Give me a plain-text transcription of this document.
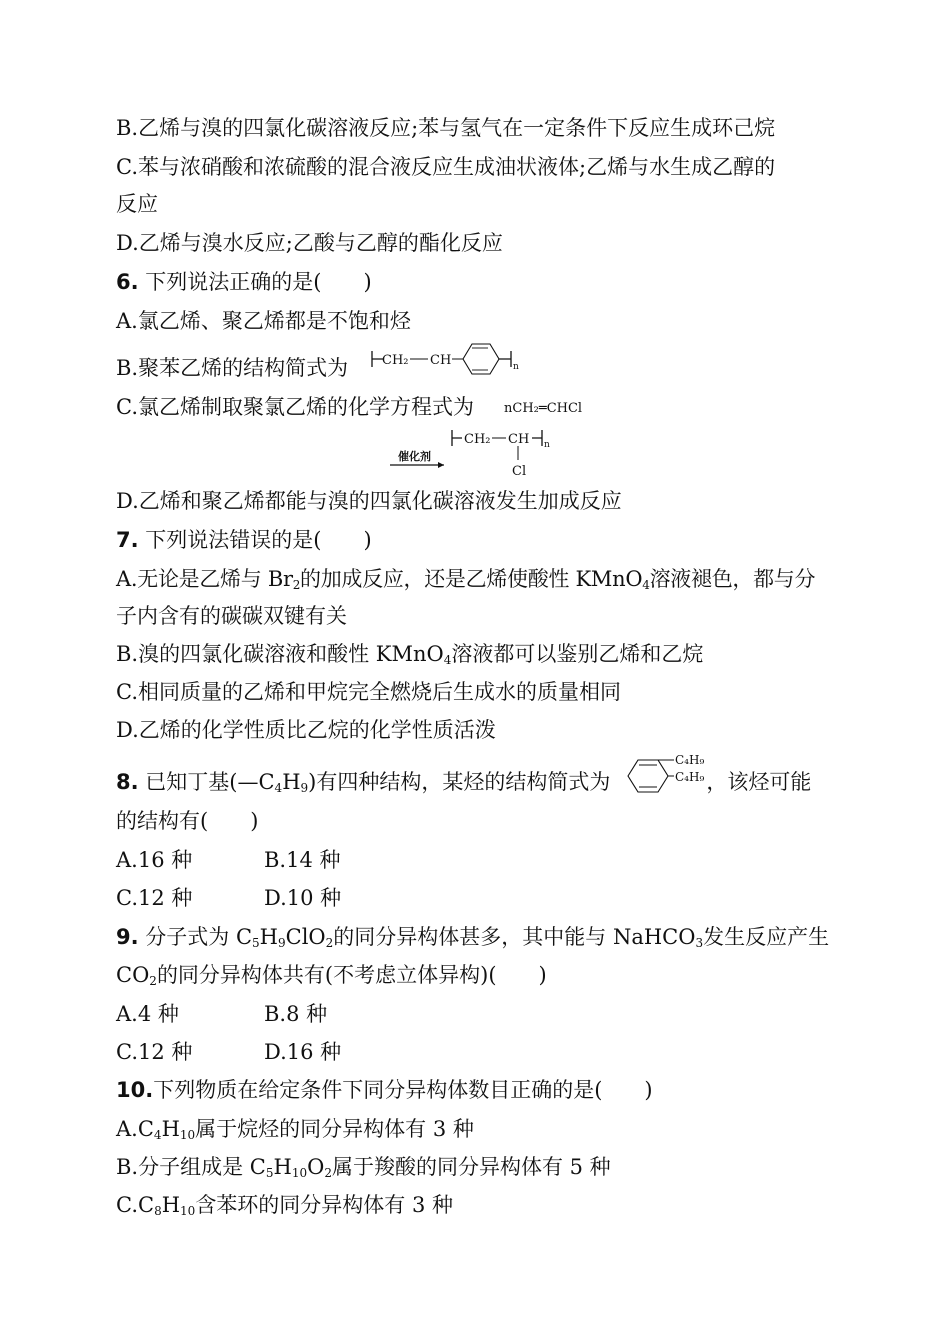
B.乙烯与溴的四氯化碳溶液反应;苯与氢气在一定条件下反应生成环己烷
C.苯与浓硝酸和浓硫酸的混合液反应生成油状液体;乙烯与水生成乙醇的
反应
D.乙烯与溴水反应;乙酸与乙醇的酯化反应
6. 下列说法正确的是(　　)
A.氯乙烯、聚乙烯都是不饱和烃
B.聚苯乙烯的结构简式为	CH₂ CH	n
C.氯乙烯制取聚氯乙烯的化学方程式为	nCH₂═CHCl
催化剂
CH₂ CH n
Cl
D.乙烯和聚乙烯都能与溴的四氯化碳溶液发生加成反应
7. 下列说法错误的是(　　)
A.无论是乙烯与 $Br_2$的加成反应，还是乙烯使酸性 KMnO$_4$溶液褪色，都与分
子内含有的碳碳双键有关
B.溴的四氯化碳溶液和酸性 KMnO$_4$溶液都可以鉴别乙烯和乙烷
C.相同质量的乙烯和甲烷完全燃烧后生成水的质量相同
D.乙烯的化学性质比乙烷的化学性质活泼
8. 已知丁基$(—C_4H_9)$有四种结构，某烃的结构简式为	，该烃可能
C₄H₉
C₄H₉
的结构有(　　)
A.16 种	B.14 种
C.12 种	D.10 种
9. 分子式为 $C_5H_9ClO_2$的同分异构体甚多，其中能与 NaHCO$_3$发生反应产生
$CO_2$的同分异构体共有(不考虑立体异构)(　　)
A.4 种	B.8 种
C.12 种	D.16 种
10.下列物质在给定条件下同分异构体数目正确的是(　　)
$A.C_4H_{10}$属于烷烃的同分异构体有 3 种
B.分子组成是 $C_5H_{10}O_2$属于羧酸的同分异构体有 5 种
$C.C_8H_{10}$含苯环的同分异构体有 3 种
